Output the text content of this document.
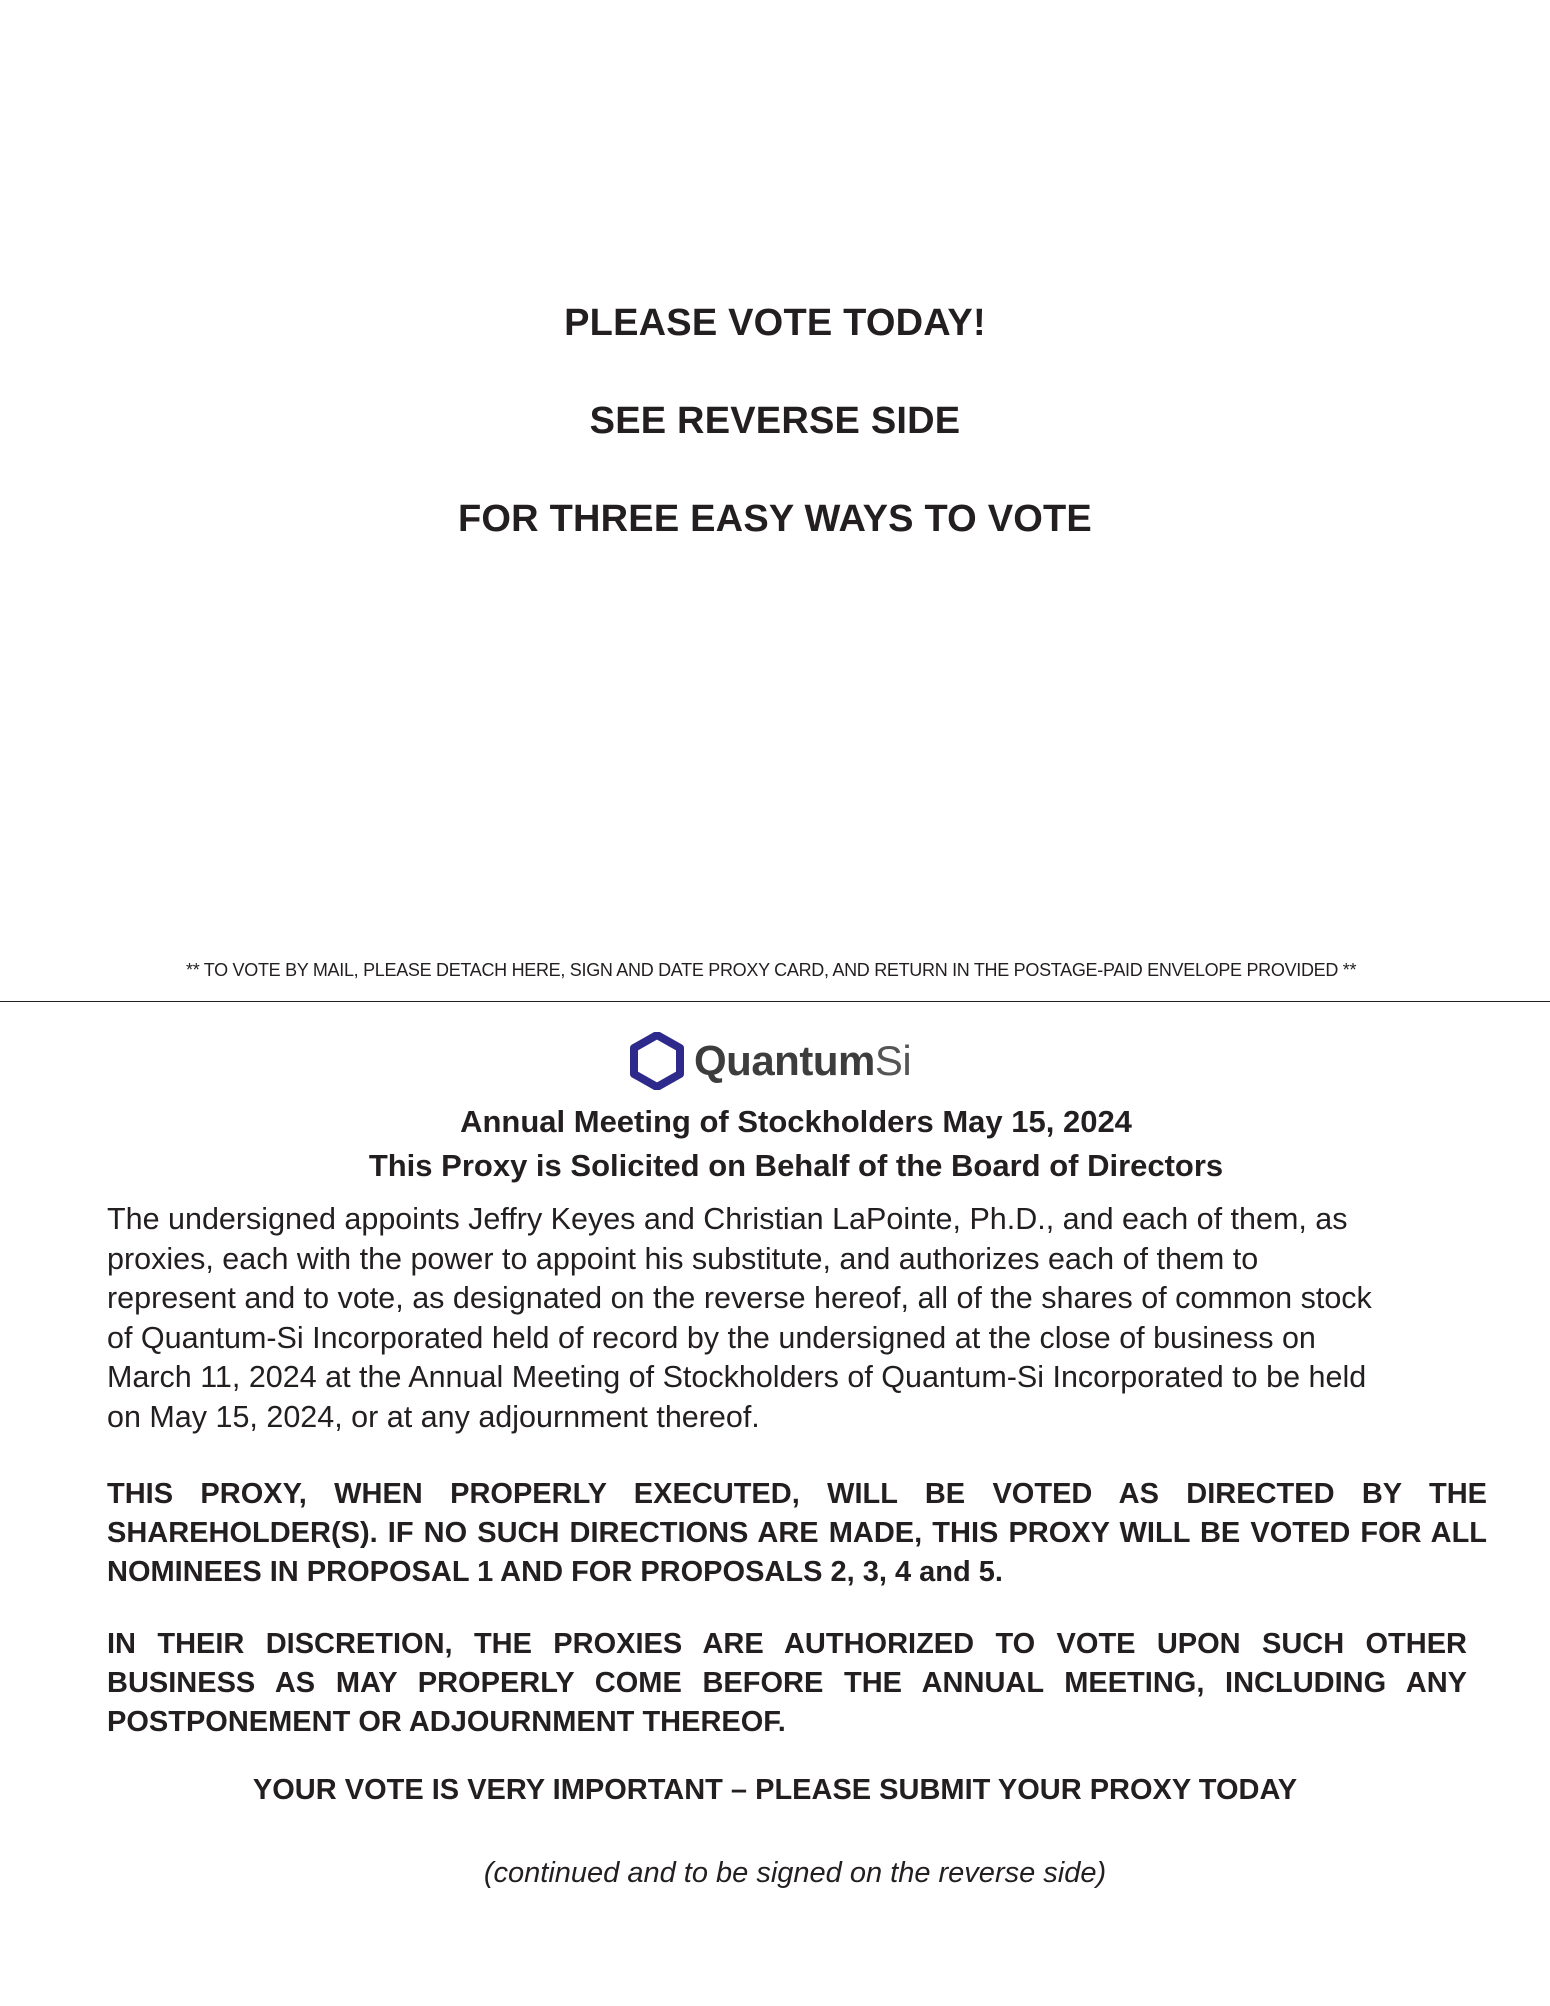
PLEASE VOTE TODAY!
SEE REVERSE SIDE
FOR THREE EASY WAYS TO VOTE
** TO VOTE BY MAIL, PLEASE DETACH HERE, SIGN AND DATE PROXY CARD, AND RETURN IN THE POSTAGE-PAID ENVELOPE PROVIDED **
QuantumSi
Annual Meeting of Stockholders May 15, 2024
This Proxy is Solicited on Behalf of the Board of Directors
The undersigned appoints Jeffry Keyes and Christian LaPointe, Ph.D., and each of them, as
proxies, each with the power to appoint his substitute, and authorizes each of them to
represent and to vote, as designated on the reverse hereof, all of the shares of common stock
of Quantum-Si Incorporated held of record by the undersigned at the close of business on
March 11, 2024 at the Annual Meeting of Stockholders of Quantum-Si Incorporated to be held
on May 15, 2024, or at any adjournment thereof.
THIS PROXY, WHEN PROPERLY EXECUTED, WILL BE VOTED AS DIRECTED BY THE SHAREHOLDER(S). IF NO SUCH DIRECTIONS ARE MADE, THIS PROXY WILL BE VOTED FOR ALL NOMINEES IN PROPOSAL 1 AND FOR PROPOSALS 2, 3, 4 and 5.
IN THEIR DISCRETION, THE PROXIES ARE AUTHORIZED TO VOTE UPON SUCH OTHER BUSINESS AS MAY PROPERLY COME BEFORE THE ANNUAL MEETING, INCLUDING ANY POSTPONEMENT OR ADJOURNMENT THEREOF.
YOUR VOTE IS VERY IMPORTANT – PLEASE SUBMIT YOUR PROXY TODAY
(continued and to be signed on the reverse side)
